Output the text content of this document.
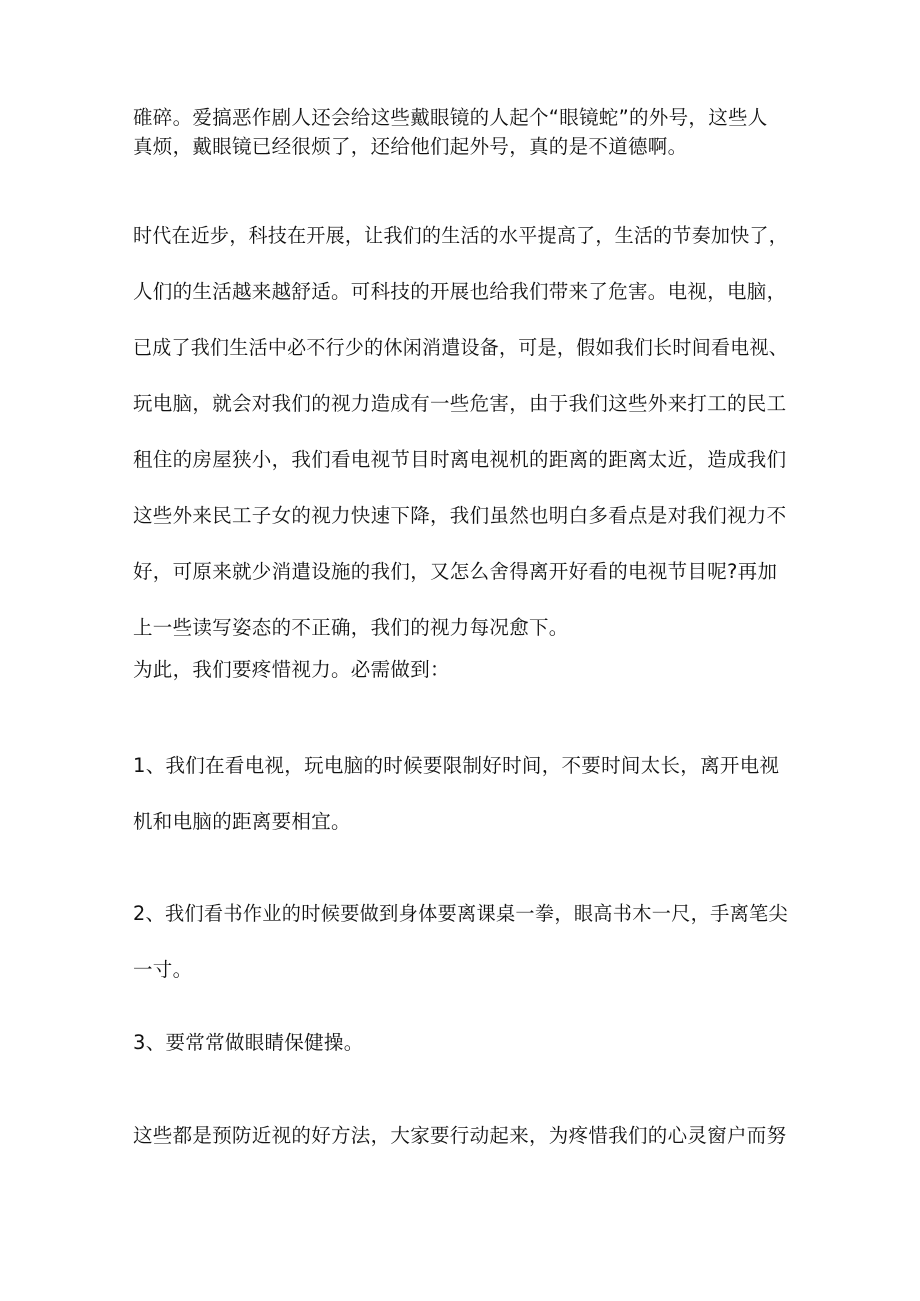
碓碎。爱搞恶作剧人还会给这些戴眼镜的人起个“眼镜蛇”的外号，这些人
真烦，戴眼镜已经很烦了，还给他们起外号，真的是不道德啊。

时代在近步，科技在开展，让我们的生活的水平提高了，生活的节奏加快了，
人们的生活越来越舒适。可科技的开展也给我们带来了危害。电视，电脑，
已成了我们生活中必不行少的休闲消遣设备，可是，假如我们长时间看电视、
玩电脑，就会对我们的视力造成有一些危害，由于我们这些外来打工的民工
租住的房屋狭小，我们看电视节目时离电视机的距离的距离太近，造成我们
这些外来民工子女的视力快速下降，我们虽然也明白多看点是对我们视力不
好，可原来就少消遣设施的我们，又怎么舍得离开好看的电视节目呢?再加
上一些读写姿态的不正确，我们的视力每况愈下。

为此，我们要疼惜视力。必需做到：

1、我们在看电视，玩电脑的时候要限制好时间，不要时间太长，离开电视
机和电脑的距离要相宜。

2、我们看书作业的时候要做到身体要离课桌一拳，眼高书木一尺，手离笔尖
一寸。

3、要常常做眼睛保健操。

这些都是预防近视的好方法，大家要行动起来，为疼惜我们的心灵窗户而努
